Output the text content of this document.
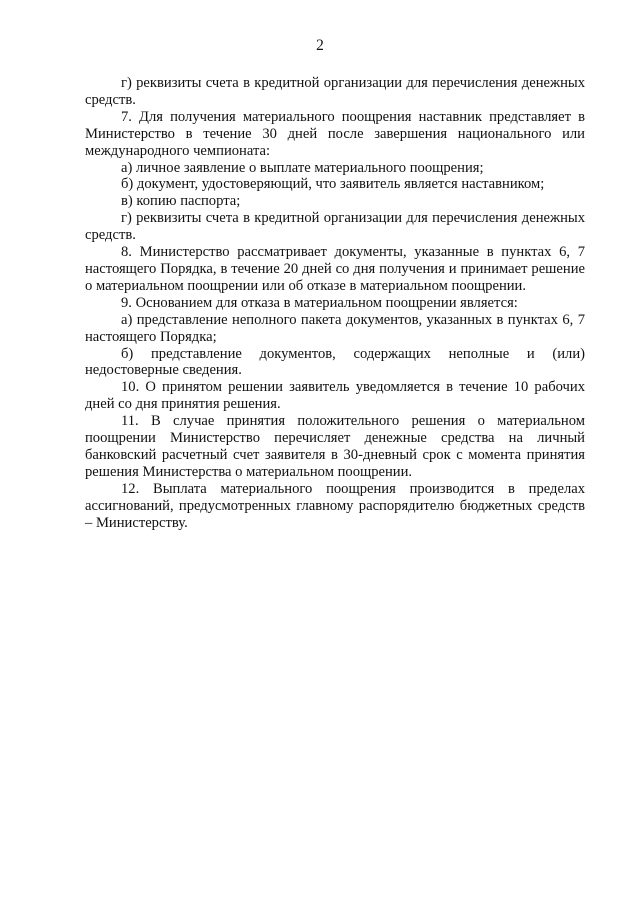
2

г) реквизиты счета в кредитной организации для перечисления денежных средств.

7. Для получения материального поощрения наставник представляет в Министерство в течение 30 дней после завершения национального или международного чемпионата:

а) личное заявление о выплате материального поощрения;

б) документ, удостоверяющий, что заявитель является наставником;

в) копию паспорта;

г) реквизиты счета в кредитной организации для перечисления денежных средств.

8. Министерство рассматривает документы, указанные в пунктах 6, 7 настоящего Порядка, в течение 20 дней со дня получения и принимает решение о материальном поощрении или об отказе в материальном поощрении.

9. Основанием для отказа в материальном поощрении является:

а) представление неполного пакета документов, указанных в пунктах 6, 7 настоящего Порядка;

б) представление документов, содержащих неполные и (или) недостоверные сведения.

10. О принятом решении заявитель уведомляется в течение 10 рабочих дней со дня принятия решения.

11. В случае принятия положительного решения о материальном поощрении Министерство перечисляет денежные средства на личный банковский расчетный счет заявителя в 30-дневный срок с момента принятия решения Министерства о материальном поощрении.

12. Выплата материального поощрения производится в пределах ассигнований, предусмотренных главному распорядителю бюджетных средств – Министерству.
